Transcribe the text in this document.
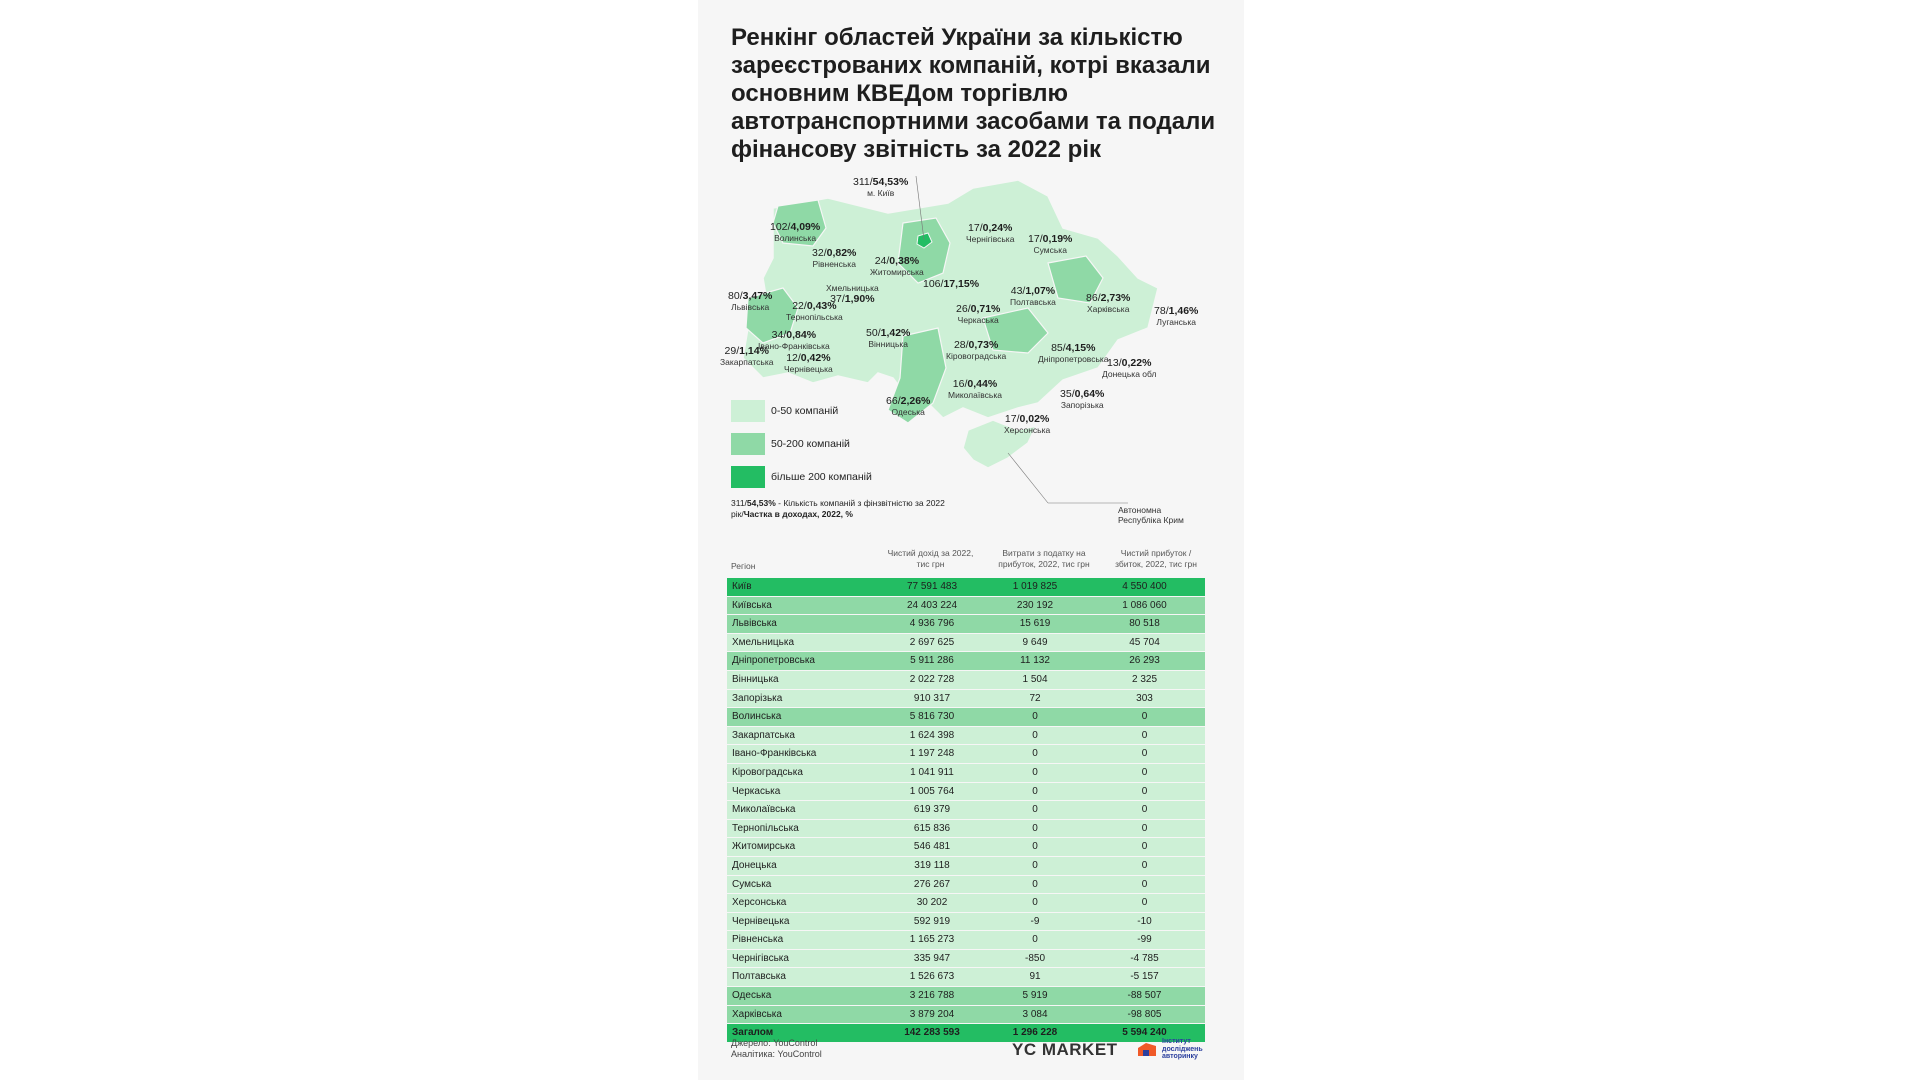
Ренкінг областей України за кількістю зареєстрованих компаній, котрі вказали основним КВЕДом торгівлю автотранспортними засобами та подали фінансову звітність за 2022 рік
311/54,53%
м. Київ
102/4,09%
Волинська
32/0,82%
Рівненська	24/0,38%
Житомирська
17/0,24%
Чернігівська 17/0,19%
Сумська
106/17,15%
43/1,07%
Полтавська	86/2,73%
Харківська 78/1,46%
Луганська
80/3,47%
Львівська	22/0,43%
Тернопільська
Хмельницька
37/1,90%
26/0,71%
Черкаська
34/0,84%
Івано-Франківська
50/1,42%
Вінницька	28/0,73%
Кіровоградська
85/4,15%
Дніпропетровська
13/0,22%
Донецька обл
29/1,14%
Закарпатська 12/0,42%
Чернівецька
16/0,44%
Миколаївська	35/0,64%
Запорізька
66/2,26%
Одеська
17/0,02%
Херсонська
Автономна Республіка Крим
0-50 компаній
50-200 компаній
більше 200 компаній
311/54,53% - Кількість компаній з фінзвітністю за 2022 рік/Частка в доходах, 2022, %
Регіон
Чистий дохід за 2022, тис грн
Витрати з податку на прибуток, 2022, тис грн
Чистий прибуток / збиток, 2022, тис грн
Київ	77 591 483	1 019 825	4 550 400
Київська	24 403 224	230 192	1 086 060
Львівська	4 936 796	15 619	80 518
Хмельницька	2 697 625	9 649	45 704
Дніпропетровська	5 911 286	11 132	26 293
Вінницька	2 022 728	1 504	2 325
Запорізька	910 317	72	303
Волинська	5 816 730	0	0
Закарпатська	1 624 398	0	0
Івано-Франківська	1 197 248	0	0
Кіровоградська	1 041 911	0	0
Черкаська	1 005 764	0	0
Миколаївська	619 379	0	0
Тернопільська	615 836	0	0
Житомирська	546 481	0	0
Донецька	319 118	0	0
Сумська	276 267	0	0
Херсонська	30 202	0	0
Чернівецька	592 919	-9	-10
Рівненська	1 165 273	0	-99
Чернігівська	335 947	-850	-4 785
Полтавська	1 526 673	91	-5 157
Одеська	3 216 788	5 919	-88 507
Харківська	3 879 204	3 084	-98 805
Загалом	142 283 593	1 296 228	5 594 240
Джерело: YouControl
Аналітика: YouControl	YC MARKET	Інститут досліджень авторинку
